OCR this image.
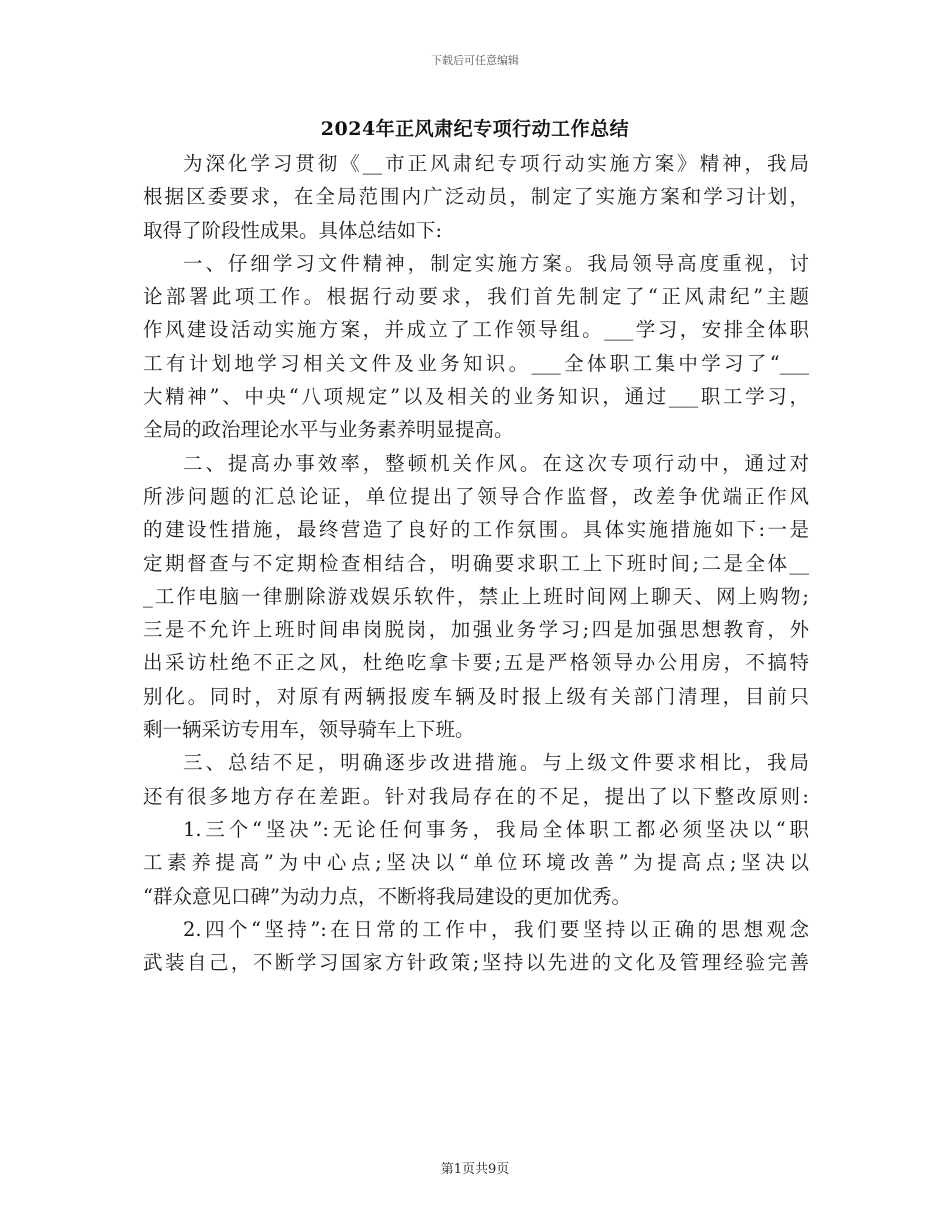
下载后可任意编辑
2024年正风肃纪专项行动工作总结
为深化学习贯彻《__市正风肃纪专项行动实施方案》精神，我局
根据区委要求，在全局范围内广泛动员，制定了实施方案和学习计划，
取得了阶段性成果。具体总结如下:
一、仔细学习文件精神，制定实施方案。我局领导高度重视，讨
论部署此项工作。根据行动要求，我们首先制定了“正风肃纪”主题
作风建设活动实施方案，并成立了工作领导组。___学习，安排全体职
工有计划地学习相关文件及业务知识。___全体职工集中学习了“___
大精神”、中央“八项规定”以及相关的业务知识，通过___职工学习，
全局的政治理论水平与业务素养明显提高。
二、提高办事效率，整顿机关作风。在这次专项行动中，通过对
所涉问题的汇总论证，单位提出了领导合作监督，改差争优端正作风
的建设性措施，最终营造了良好的工作氛围。具体实施措施如下:一是
定期督查与不定期检查相结合，明确要求职工上下班时间;二是全体__
_工作电脑一律删除游戏娱乐软件，禁止上班时间网上聊天、网上购物;
三是不允许上班时间串岗脱岗，加强业务学习;四是加强思想教育，外
出采访杜绝不正之风，杜绝吃拿卡要;五是严格领导办公用房，不搞特
别化。同时，对原有两辆报废车辆及时报上级有关部门清理，目前只
剩一辆采访专用车，领导骑车上下班。
三、总结不足，明确逐步改进措施。与上级文件要求相比，我局
还有很多地方存在差距。针对我局存在的不足，提出了以下整改原则:
1.三个“坚决”:无论任何事务，我局全体职工都必须坚决以“职
工素养提高”为中心点;坚决以“单位环境改善”为提高点;坚决以
“群众意见口碑”为动力点，不断将我局建设的更加优秀。
2.四个“坚持”:在日常的工作中，我们要坚持以正确的思想观念
武装自己，不断学习国家方针政策;坚持以先进的文化及管理经验完善
第1页共9页
